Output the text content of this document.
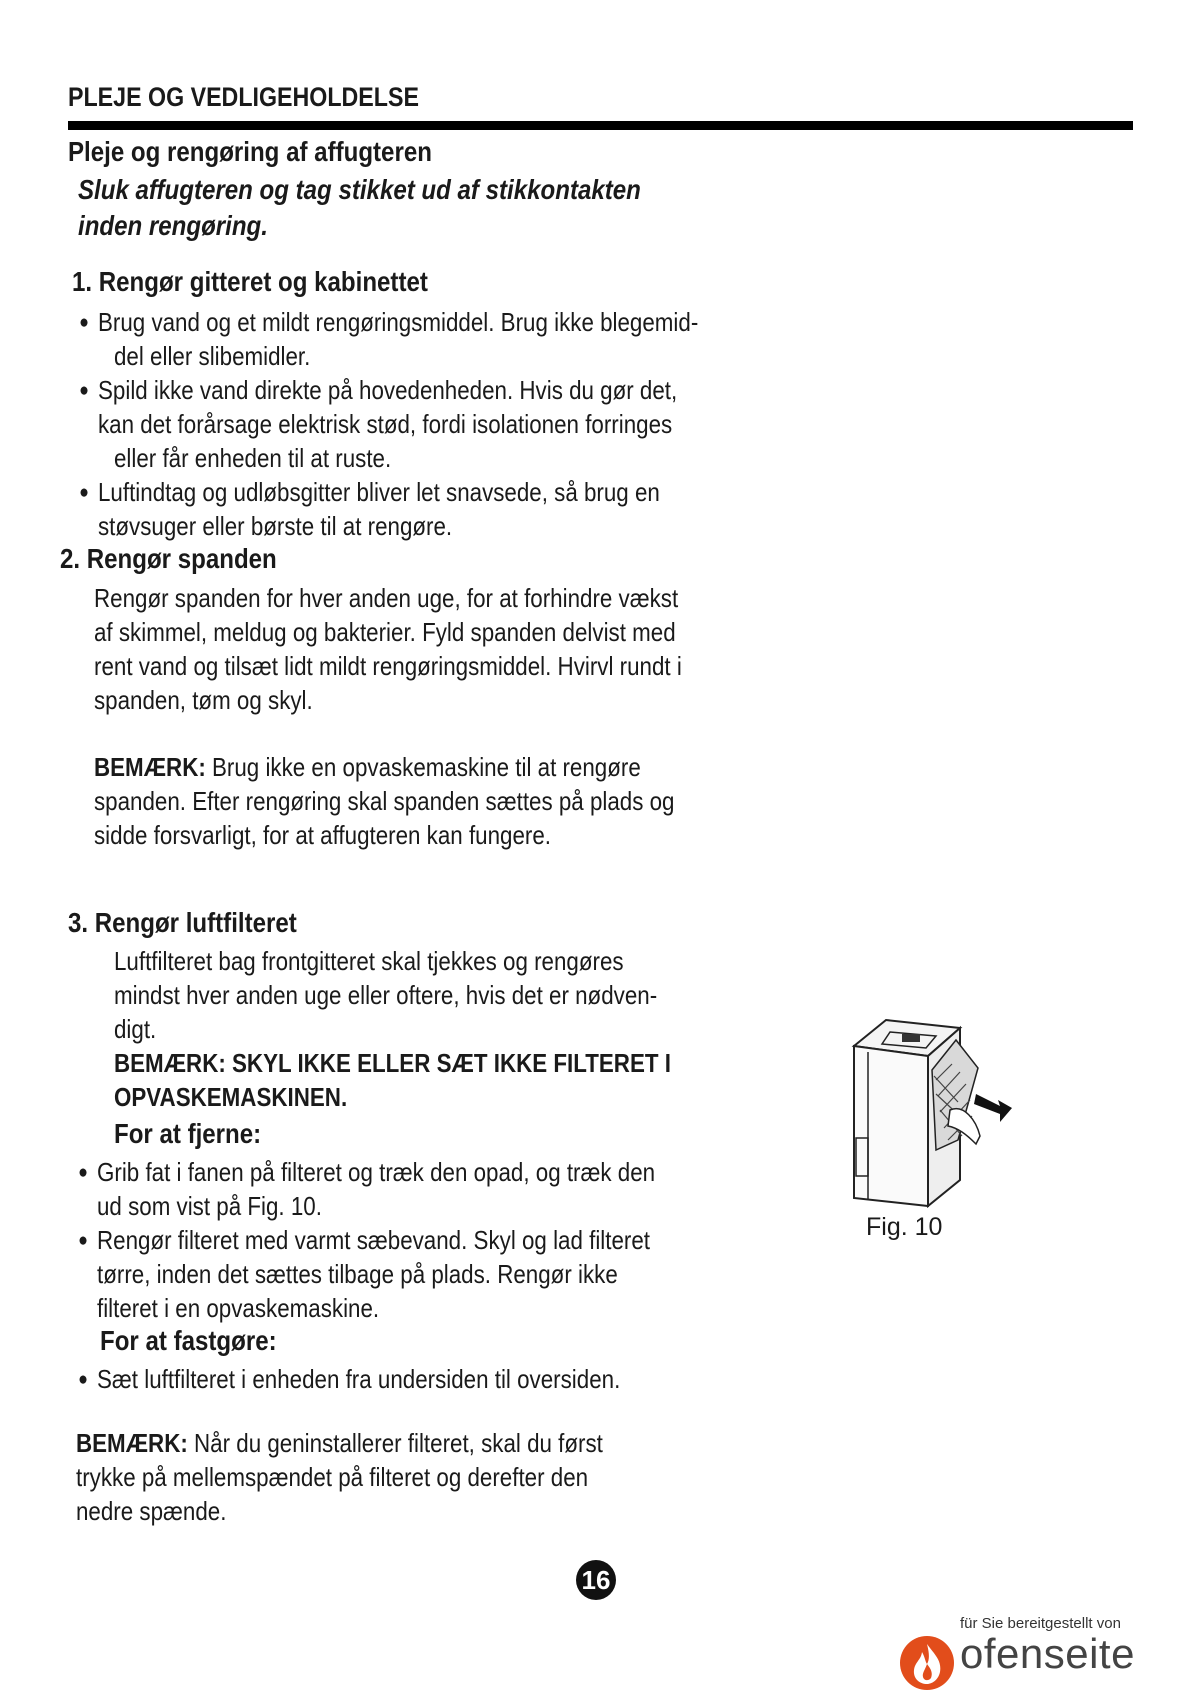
PLEJE OG VEDLIGEHOLDELSE
Pleje og rengøring af affugteren
Sluk affugteren og tag stikket ud af stikkontakten
inden rengøring.
1. Rengør gitteret og kabinettet
● Brug vand og et mildt rengøringsmiddel. Brug ikke blegemid-
del eller slibemidler.
● Spild ikke vand direkte på hovedenheden. Hvis du gør det,
kan det forårsage elektrisk stød, fordi isolationen forringes
eller får enheden til at ruste.
● Luftindtag og udløbsgitter bliver let snavsede, så brug en
støvsuger eller børste til at rengøre.
2. Rengør spanden
Rengør spanden for hver anden uge, for at forhindre vækst
af skimmel, meldug og bakterier. Fyld spanden delvist med
rent vand og tilsæt lidt mildt rengøringsmiddel. Hvirvl rundt i
spanden, tøm og skyl.
BEMÆRK: Brug ikke en opvaskemaskine til at rengøre
spanden. Efter rengøring skal spanden sættes på plads og
sidde forsvarligt, for at affugteren kan fungere.
3. Rengør luftfilteret
Luftfilteret bag frontgitteret skal tjekkes og rengøres
mindst hver anden uge eller oftere, hvis det er nødven-
digt.
BEMÆRK: SKYL IKKE ELLER SÆT IKKE FILTERET I
OPVASKEMASKINEN.
For at fjerne:
● Grib fat i fanen på filteret og træk den opad, og træk den
ud som vist på Fig. 10.
● Rengør filteret med varmt sæbevand. Skyl og lad filteret
tørre, inden det sættes tilbage på plads. Rengør ikke
filteret i en opvaskemaskine.
For at fastgøre:
● Sæt luftfilteret i enheden fra undersiden til oversiden.
BEMÆRK: Når du geninstallerer filteret, skal du først
trykke på mellemspændet på filteret og derefter den
nedre spænde.
Fig. 10
16
für Sie bereitgestellt von
ofenseite
